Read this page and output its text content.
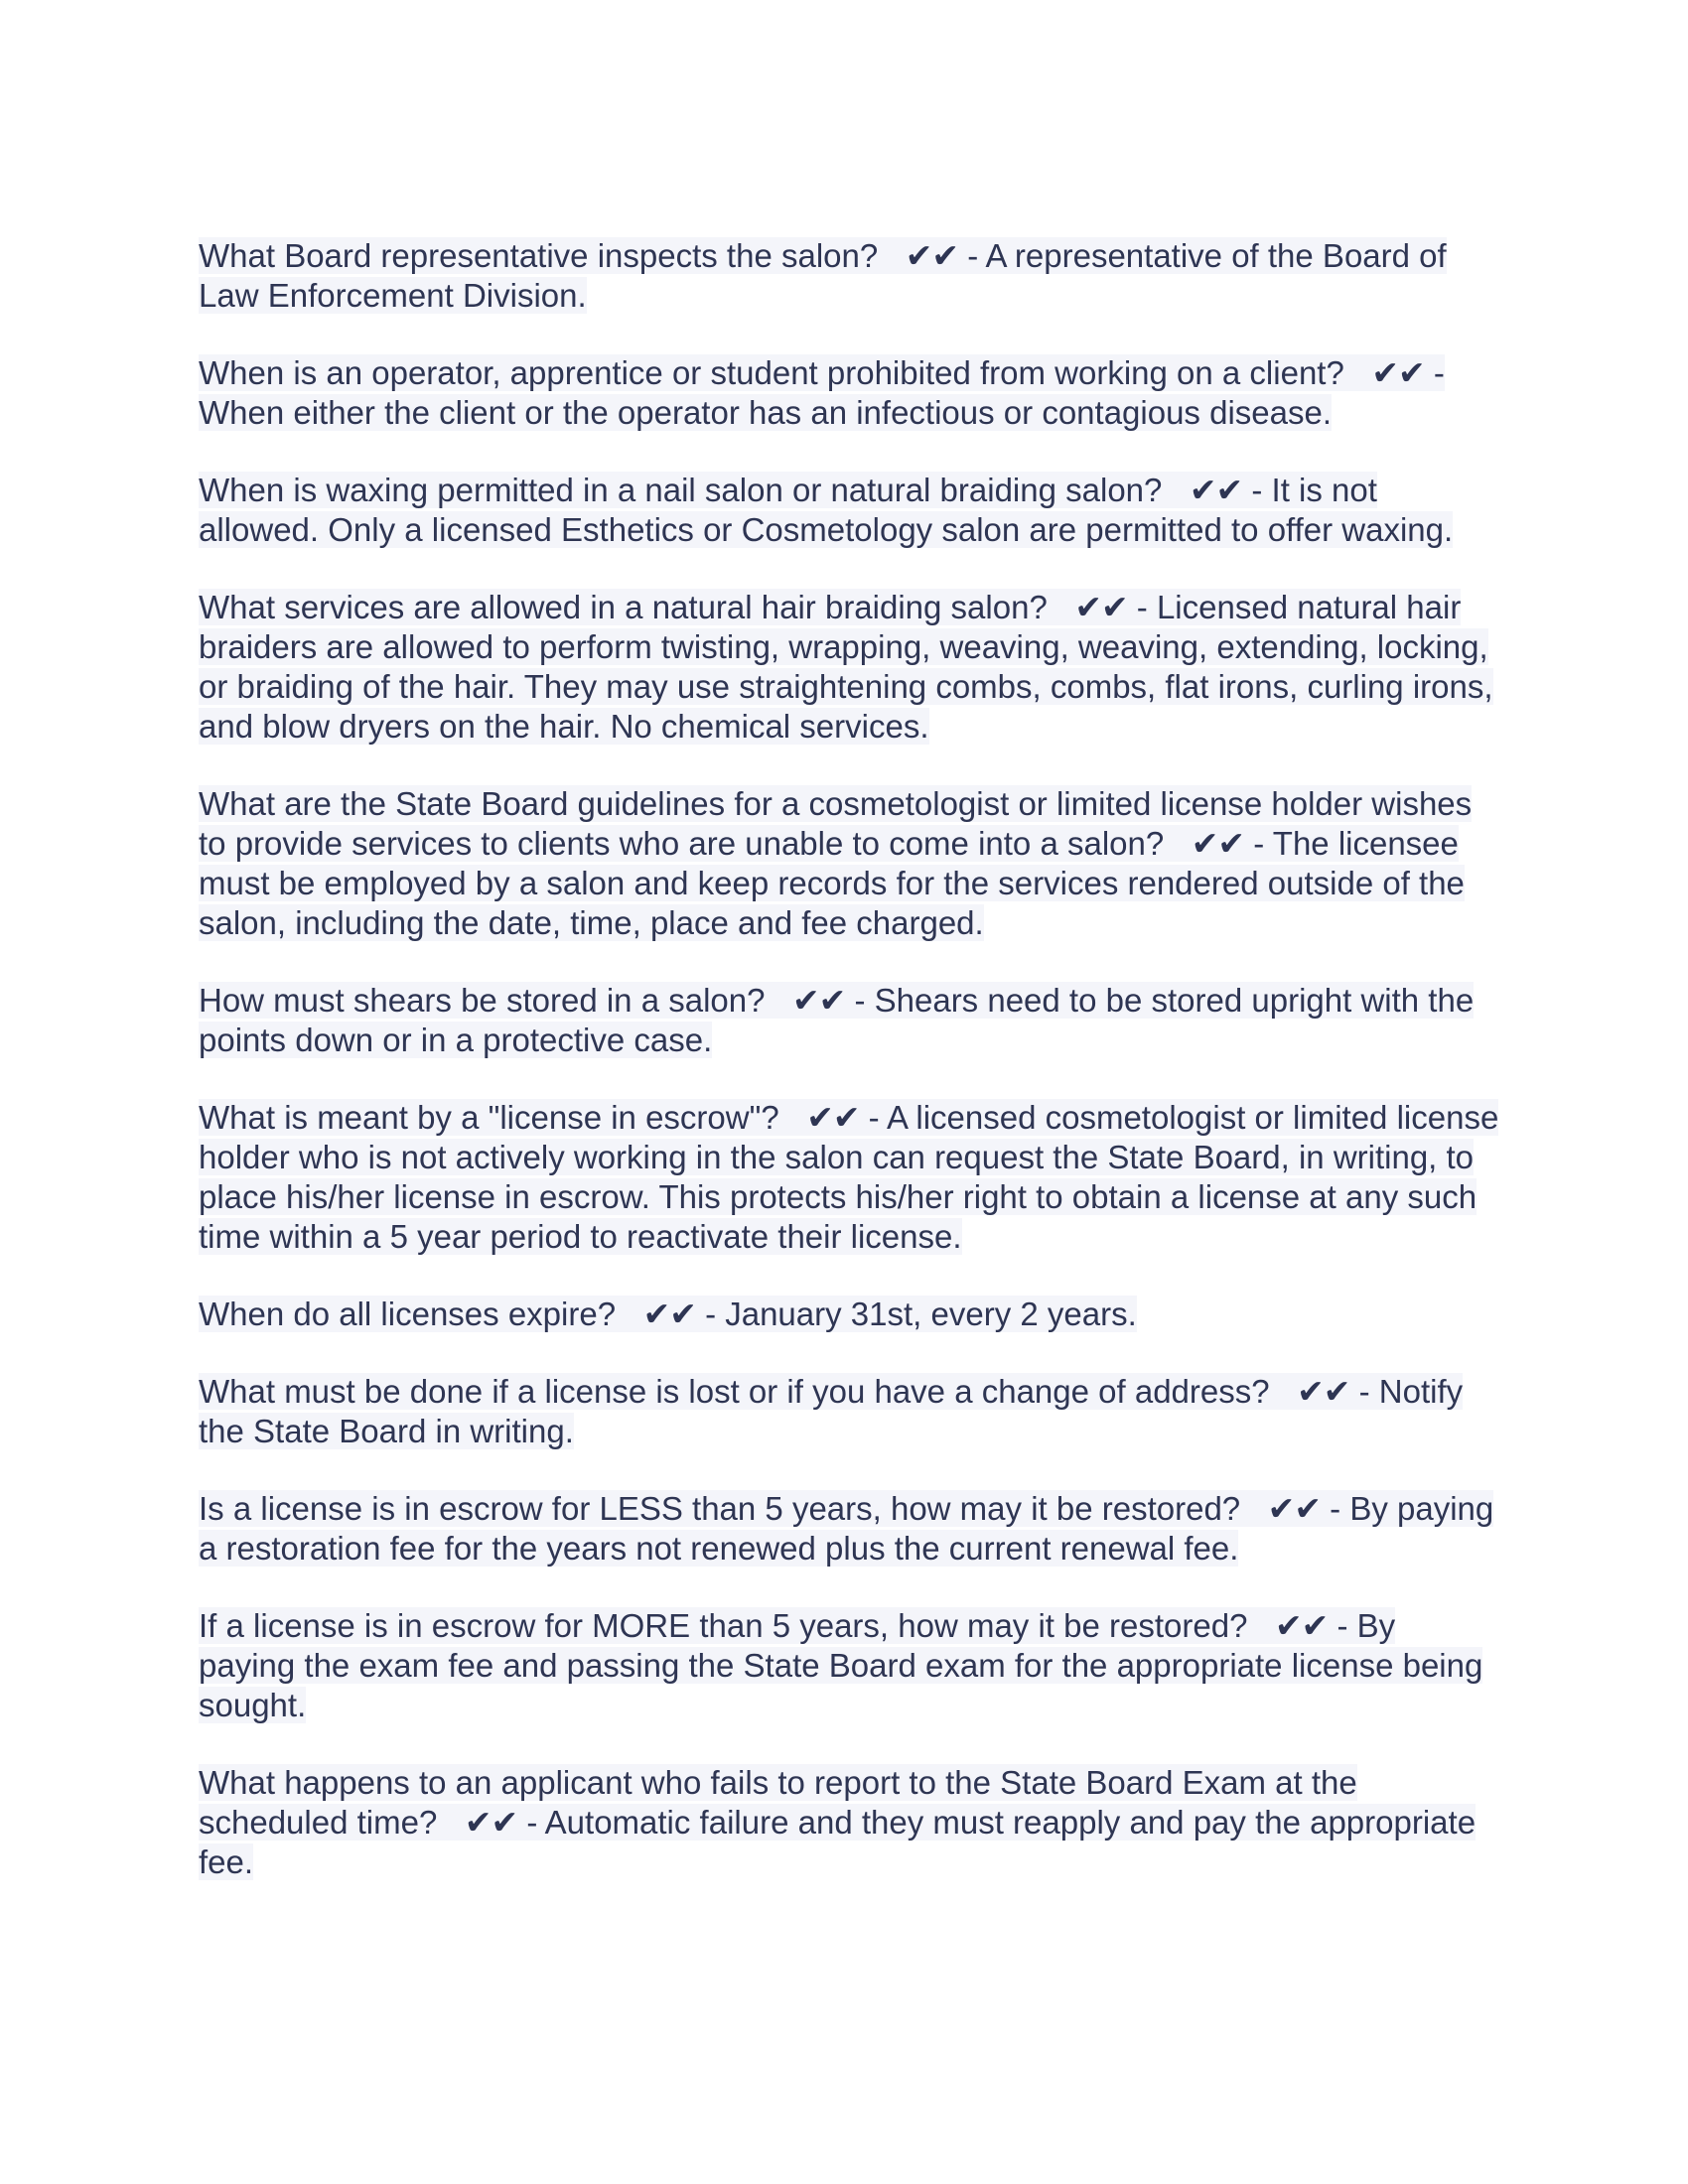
What Board representative inspects the salon? ✔✔ - A representative of the Board of Law Enforcement Division.

When is an operator, apprentice or student prohibited from working on a client? ✔✔ - When either the client or the operator has an infectious or contagious disease.

When is waxing permitted in a nail salon or natural braiding salon? ✔✔ - It is not allowed. Only a licensed Esthetics or Cosmetology salon are permitted to offer waxing.

What services are allowed in a natural hair braiding salon? ✔✔ - Licensed natural hair braiders are allowed to perform twisting, wrapping, weaving, weaving, extending, locking, or braiding of the hair. They may use straightening combs, combs, flat irons, curling irons, and blow dryers on the hair. No chemical services.

What are the State Board guidelines for a cosmetologist or limited license holder wishes to provide services to clients who are unable to come into a salon? ✔✔ - The licensee must be employed by a salon and keep records for the services rendered outside of the salon, including the date, time, place and fee charged.

How must shears be stored in a salon? ✔✔ - Shears need to be stored upright with the points down or in a protective case.

What is meant by a "license in escrow"? ✔✔ - A licensed cosmetologist or limited license holder who is not actively working in the salon can request the State Board, in writing, to place his/her license in escrow. This protects his/her right to obtain a license at any such time within a 5 year period to reactivate their license.

When do all licenses expire? ✔✔ - January 31st, every 2 years.

What must be done if a license is lost or if you have a change of address? ✔✔ - Notify the State Board in writing.

Is a license is in escrow for LESS than 5 years, how may it be restored? ✔✔ - By paying a restoration fee for the years not renewed plus the current renewal fee.

If a license is in escrow for MORE than 5 years, how may it be restored? ✔✔ - By paying the exam fee and passing the State Board exam for the appropriate license being sought.

What happens to an applicant who fails to report to the State Board Exam at the scheduled time? ✔✔ - Automatic failure and they must reapply and pay the appropriate fee.
